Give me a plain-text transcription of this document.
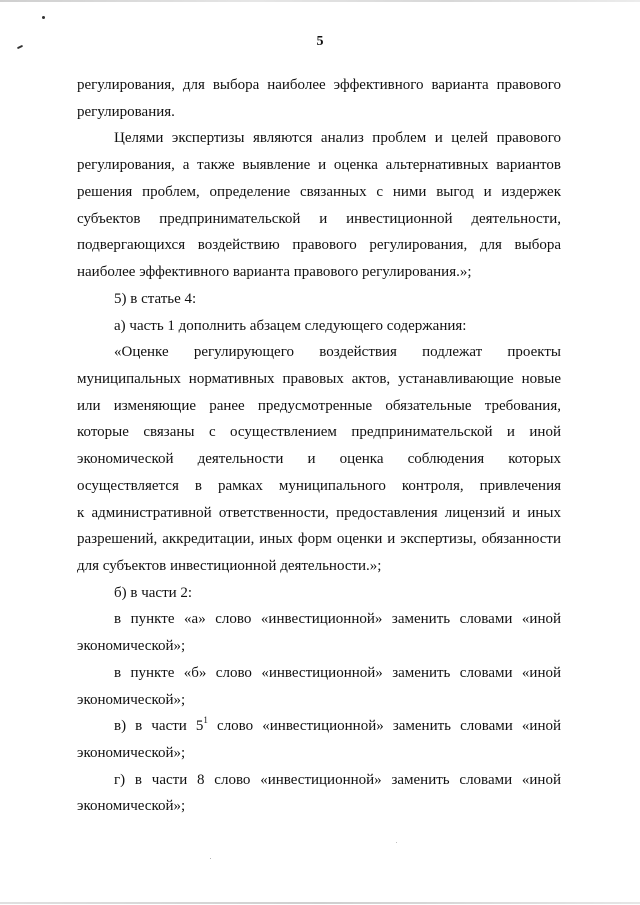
5
регулирования, для выбора наиболее эффективного варианта правового
регулирования.
Целями экспертизы являются анализ проблем и целей правового
регулирования, а также выявление и оценка альтернативных вариантов
решения проблем, определение связанных с ними выгод и издержек
субъектов предпринимательской и инвестиционной деятельности,
подвергающихся воздействию правового регулирования, для выбора
наиболее эффективного варианта правового регулирования.»;
5) в статье 4:
а) часть 1 дополнить абзацем следующего содержания:
«Оценке регулирующего воздействия подлежат проекты
муниципальных нормативных правовых актов, устанавливающие новые
или изменяющие ранее предусмотренные обязательные требования,
которые связаны с осуществлением предпринимательской и иной
экономической деятельности и оценка соблюдения которых
осуществляется в рамках муниципального контроля, привлечения
к административной ответственности, предоставления лицензий и иных
разрешений, аккредитации, иных форм оценки и экспертизы, обязанности
для субъектов инвестиционной деятельности.»;
б) в части 2:
в пункте «а» слово «инвестиционной» заменить словами «иной
экономической»;
в пункте «б» слово «инвестиционной» заменить словами «иной
экономической»;
в) в части $5^1$ слово «инвестиционной» заменить словами «иной
экономической»;
г) в части 8 слово «инвестиционной» заменить словами «иной
экономической»;
